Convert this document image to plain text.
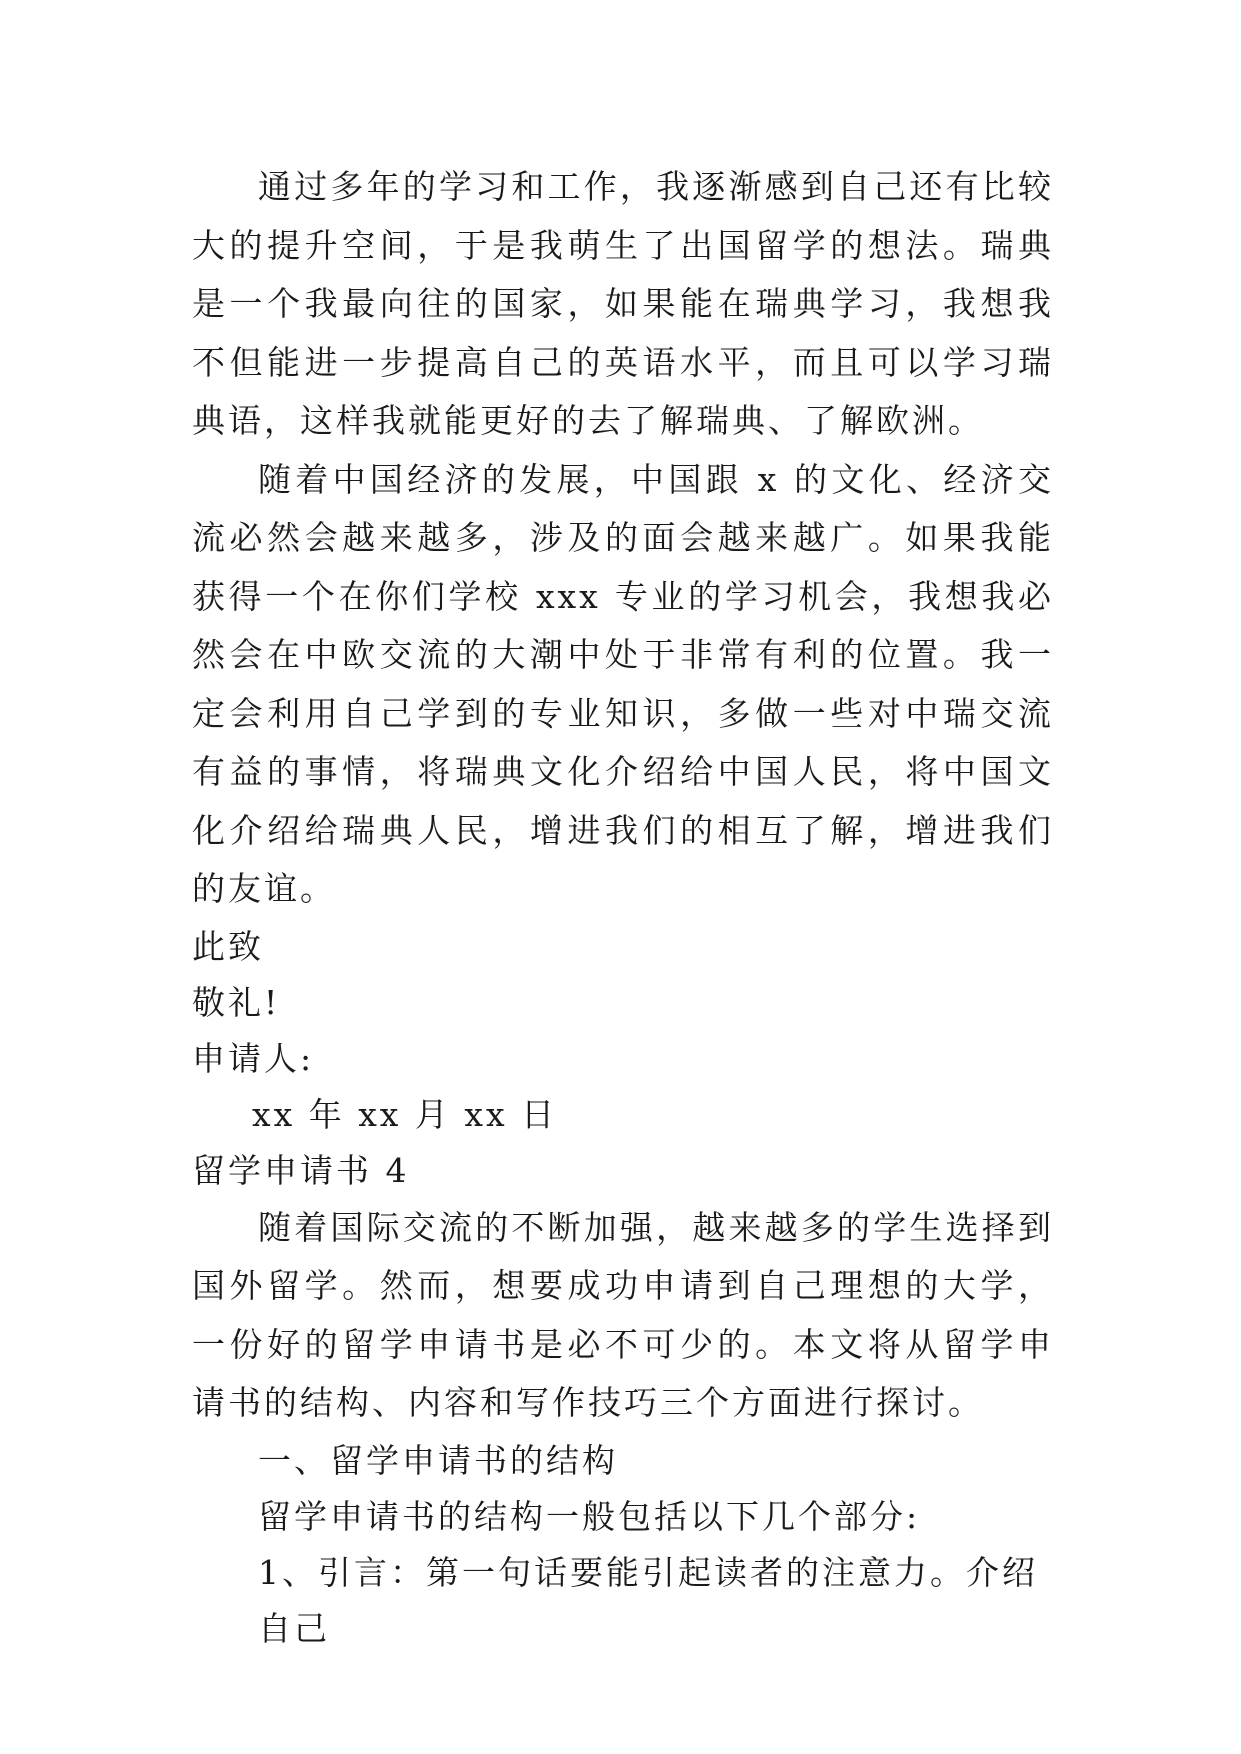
通过多年的学习和工作，我逐渐感到自己还有比较大的提升空间，于是我萌生了出国留学的想法。瑞典是一个我最向往的国家，如果能在瑞典学习，我想我不但能进一步提高自己的英语水平，而且可以学习瑞典语，这样我就能更好的去了解瑞典、了解欧洲。

随着中国经济的发展，中国跟 x 的文化、经济交流必然会越来越多，涉及的面会越来越广。如果我能获得一个在你们学校 xxx 专业的学习机会，我想我必然会在中欧交流的大潮中处于非常有利的位置。我一定会利用自己学到的专业知识，多做一些对中瑞交流有益的事情，将瑞典文化介绍给中国人民，将中国文化介绍给瑞典人民，增进我们的相互了解，增进我们的友谊。

此致

敬礼!

申请人:

xx 年 xx 月 xx 日

留学申请书 4

随着国际交流的不断加强，越来越多的学生选择到国外留学。然而，想要成功申请到自己理想的大学，一份好的留学申请书是必不可少的。本文将从留学申请书的结构、内容和写作技巧三个方面进行探讨。

一、留学申请书的结构

留学申请书的结构一般包括以下几个部分:

1、引言：第一句话要能引起读者的注意力。介绍自己
